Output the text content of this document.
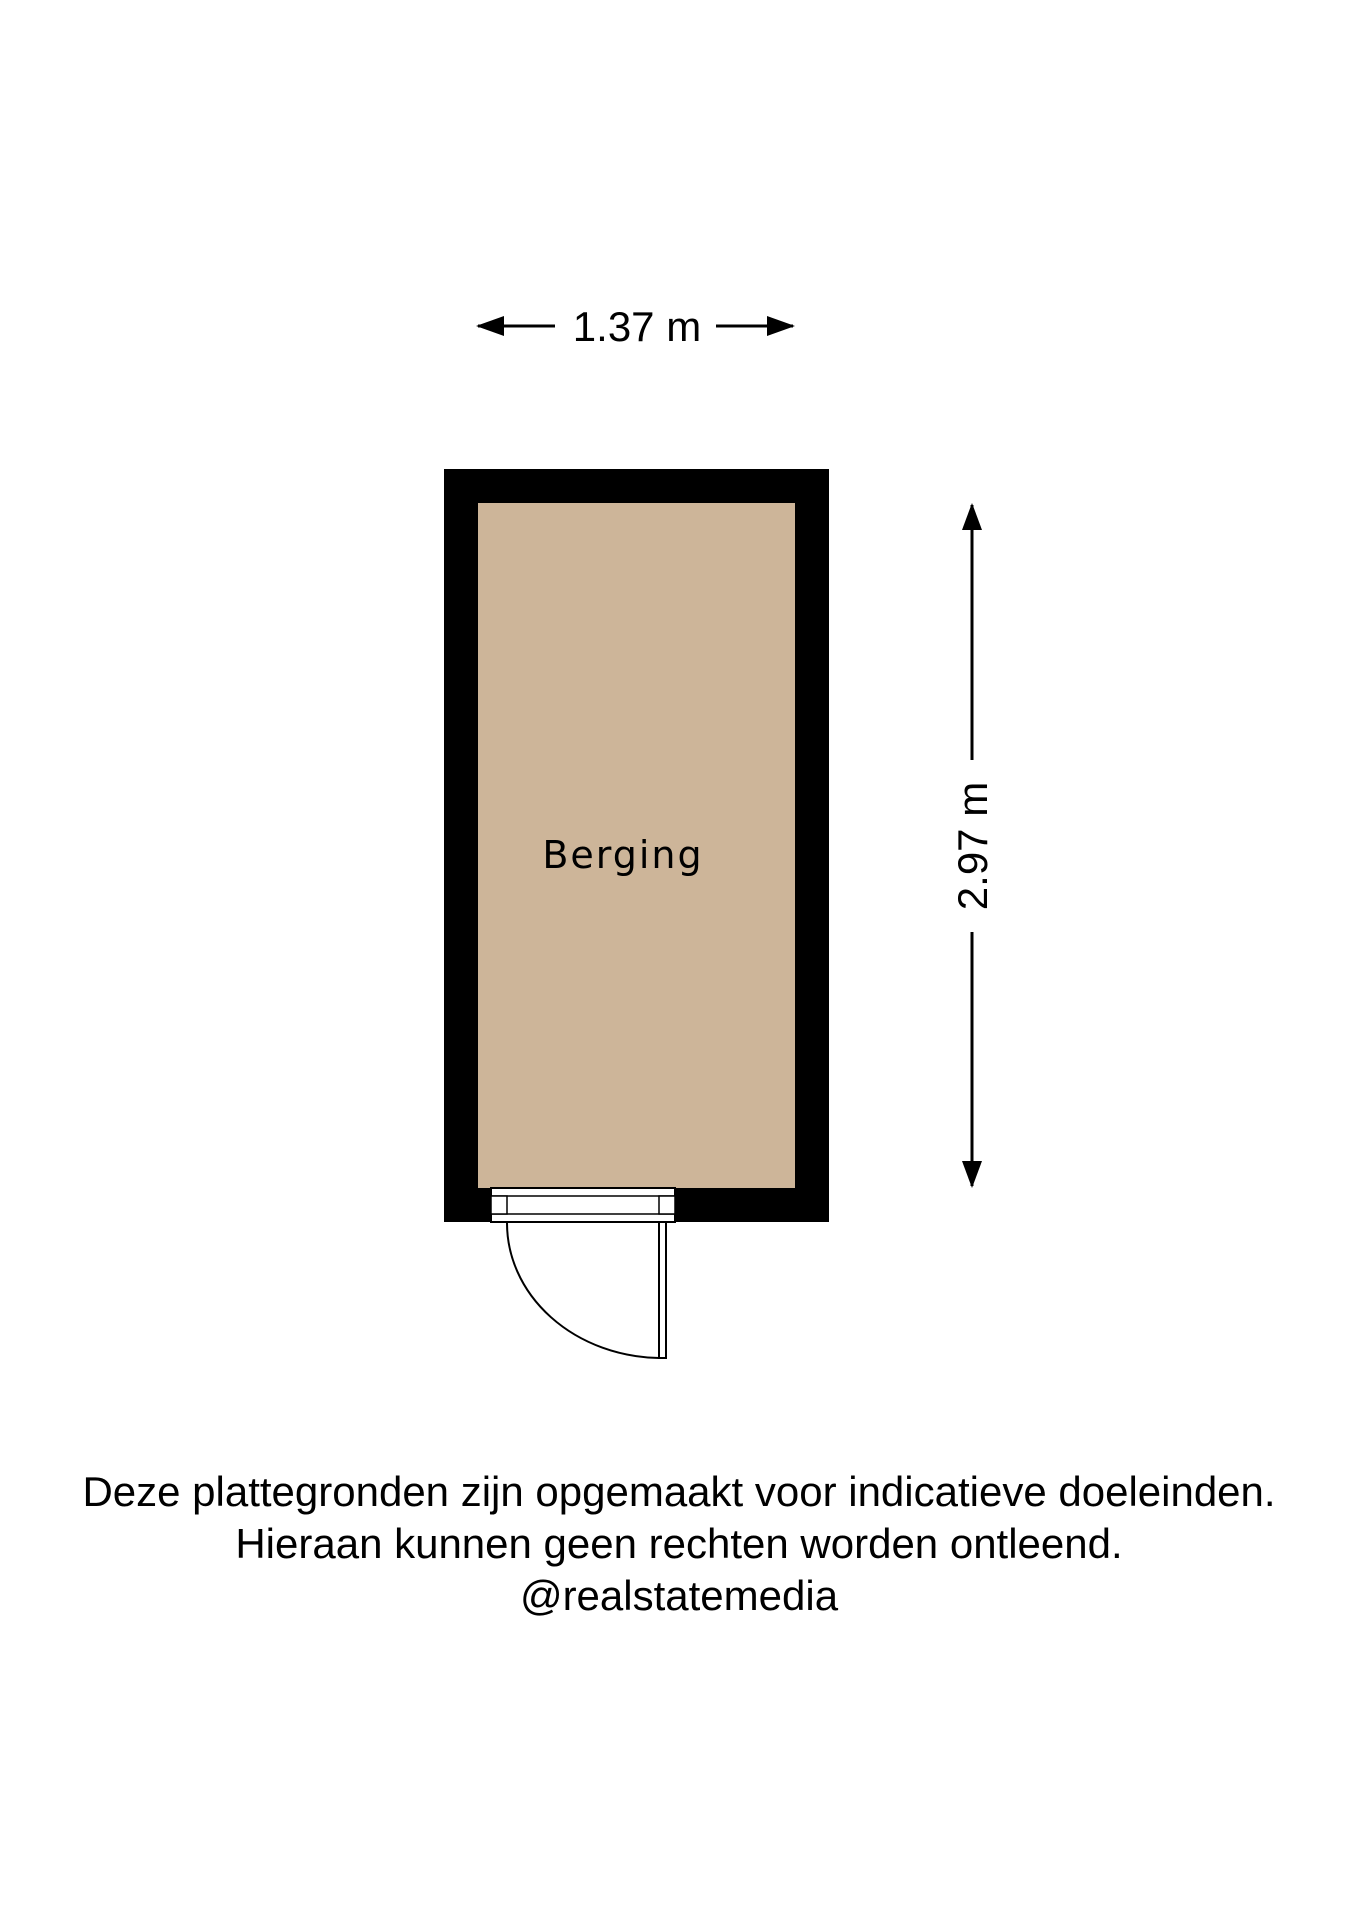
1.37 m
2.97 m
Berging
Deze plattegronden zijn opgemaakt voor indicatieve doeleinden.
Hieraan kunnen geen rechten worden ontleend.
@realstatemedia
